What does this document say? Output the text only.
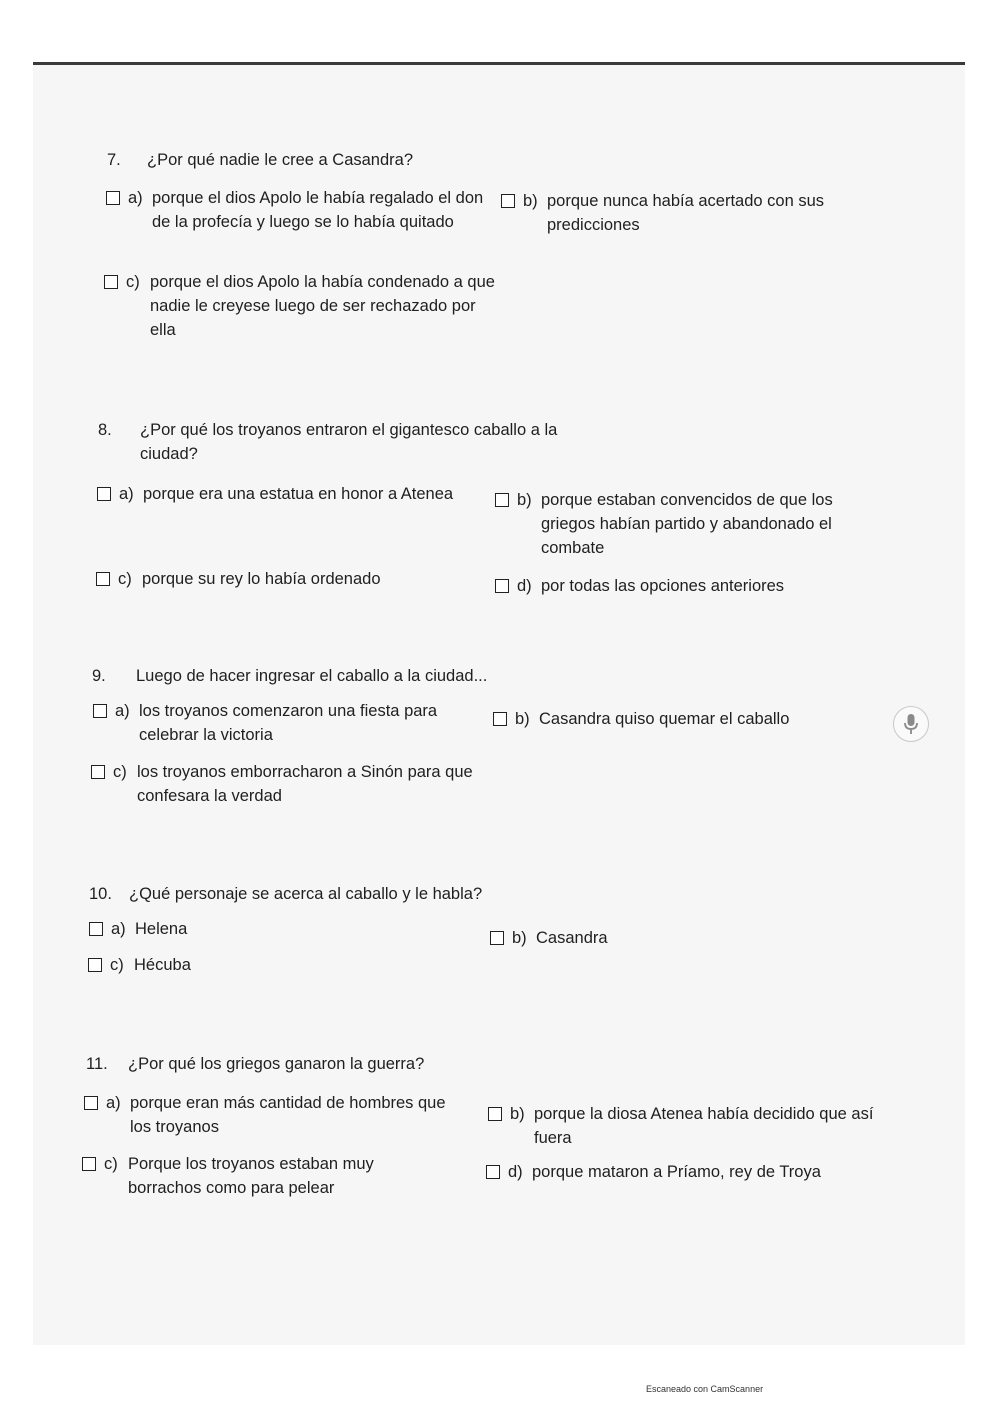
7. ¿Por qué nadie le cree a Casandra?
a) porque el dios Apolo le había regalado el don de la profecía y luego se lo había quitado
b) porque nunca había acertado con sus predicciones
c) porque el dios Apolo la había condenado a que nadie le creyese luego de ser rechazado por ella
8.	¿Por qué los troyanos entraron el gigantesco caballo a la ciudad?
a) porque era una estatua en honor a Atenea	b) porque estaban convencidos de que los griegos habían partido y abandonado el combate
c) porque su rey lo había ordenado	d) por todas las opciones anteriores
9. Luego de hacer ingresar el caballo a la ciudad...
a) los troyanos comenzaron una fiesta para celebrar la victoria
b) Casandra quiso quemar el caballo
c) los troyanos emborracharon a Sinón para que confesara la verdad
10. ¿Qué personaje se acerca al caballo y le habla?
a) Helena	b) Casandra
c) Hécuba
11. ¿Por qué los griegos ganaron la guerra?
a) porque eran más cantidad de hombres que los troyanos
b) porque la diosa Atenea había decidido que así fuera
c) Porque los troyanos estaban muy borrachos como para pelear
d) porque mataron a Príamo, rey de Troya
Escaneado con CamScanner
